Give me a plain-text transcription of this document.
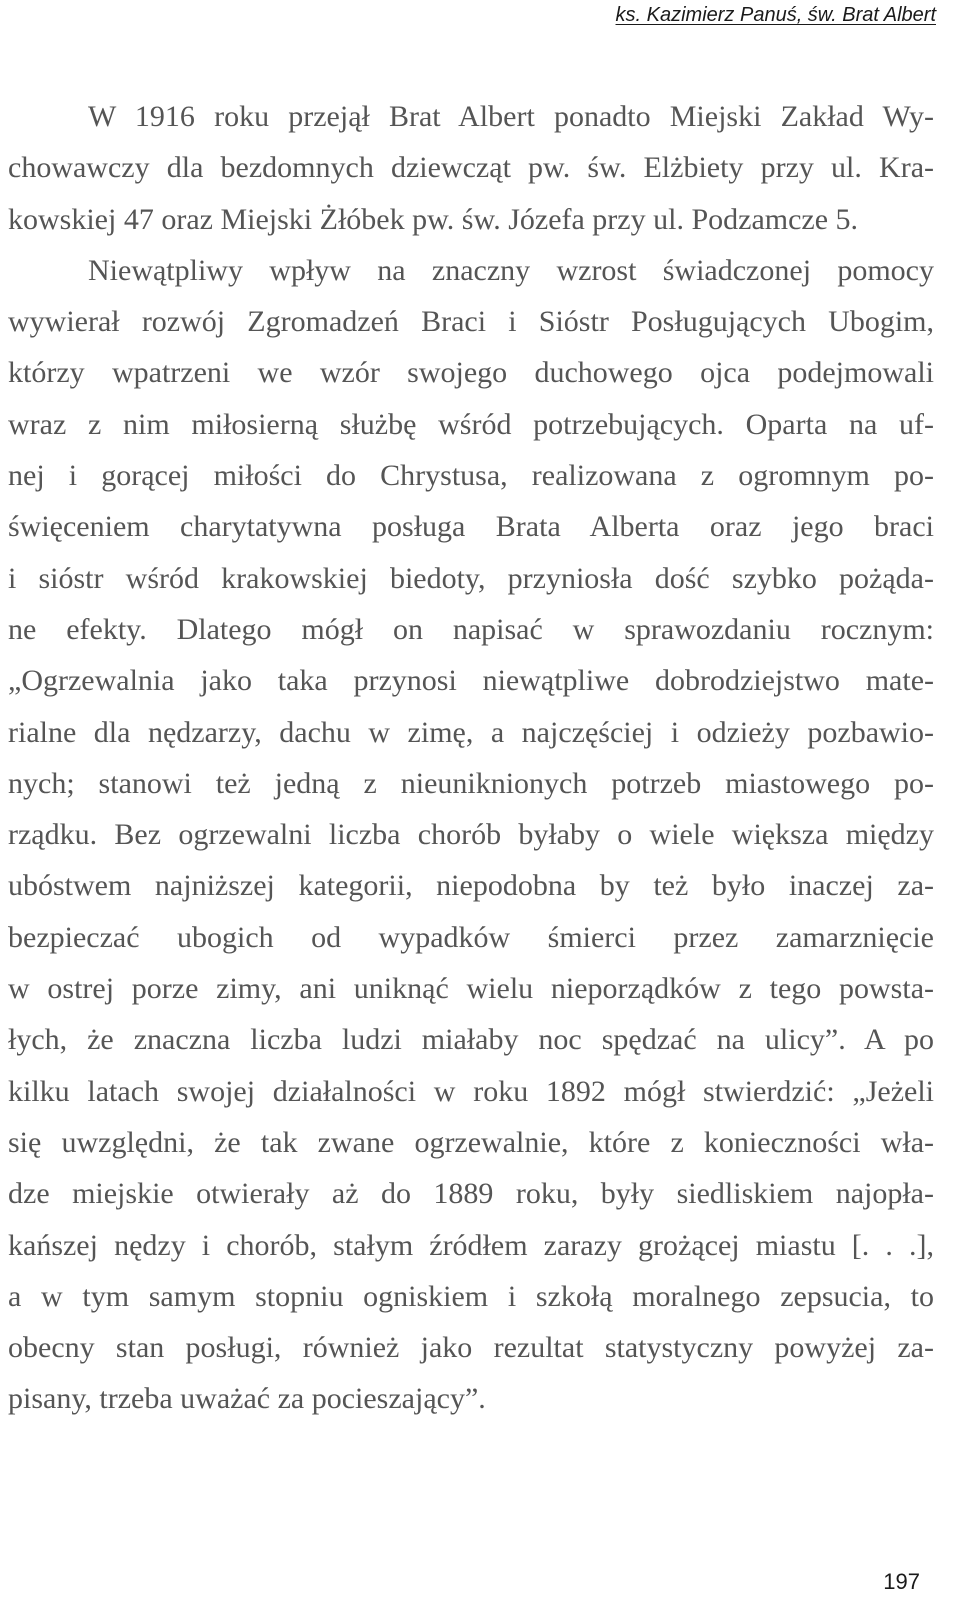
ks. Kazimierz Panuś, św. Brat Albert
W 1916 roku przejął Brat Albert ponadto Miejski Zakład Wy-
chowawczy dla bezdomnych dziewcząt pw. św. Elżbiety przy ul. Kra-
kowskiej 47 oraz Miejski Żłóbek pw. św. Józefa przy ul. Podzamcze 5.
Niewątpliwy wpływ na znaczny wzrost świadczonej pomocy
wywierał rozwój Zgromadzeń Braci i Sióstr Posługujących Ubogim,
którzy wpatrzeni we wzór swojego duchowego ojca podejmowali
wraz z nim miłosierną służbę wśród potrzebujących. Oparta na uf-
nej i gorącej miłości do Chrystusa, realizowana z ogromnym po-
święceniem charytatywna posługa Brata Alberta oraz jego braci
i sióstr wśród krakowskiej biedoty, przyniosła dość szybko pożąda-
ne efekty. Dlatego mógł on napisać w sprawozdaniu rocznym:
„Ogrzewalnia jako taka przynosi niewątpliwe dobrodziejstwo mate-
rialne dla nędzarzy, dachu w zimę, a najczęściej i odzieży pozbawio-
nych; stanowi też jedną z nieuniknionych potrzeb miastowego po-
rządku. Bez ogrzewalni liczba chorób byłaby o wiele większa między
ubóstwem najniższej kategorii, niepodobna by też było inaczej za-
bezpieczać ubogich od wypadków śmierci przez zamarznięcie
w ostrej porze zimy, ani uniknąć wielu nieporządków z tego powsta-
łych, że znaczna liczba ludzi miałaby noc spędzać na ulicy”. A po
kilku latach swojej działalności w roku 1892 mógł stwierdzić: „Jeżeli
się uwzględni, że tak zwane ogrzewalnie, które z konieczności wła-
dze miejskie otwierały aż do 1889 roku, były siedliskiem najopła-
kańszej nędzy i chorób, stałym źródłem zarazy grożącej miastu [. . .],
a w tym samym stopniu ogniskiem i szkołą moralnego zepsucia, to
obecny stan posługi, również jako rezultat statystyczny powyżej za-
pisany, trzeba uważać za pocieszający”.
197
